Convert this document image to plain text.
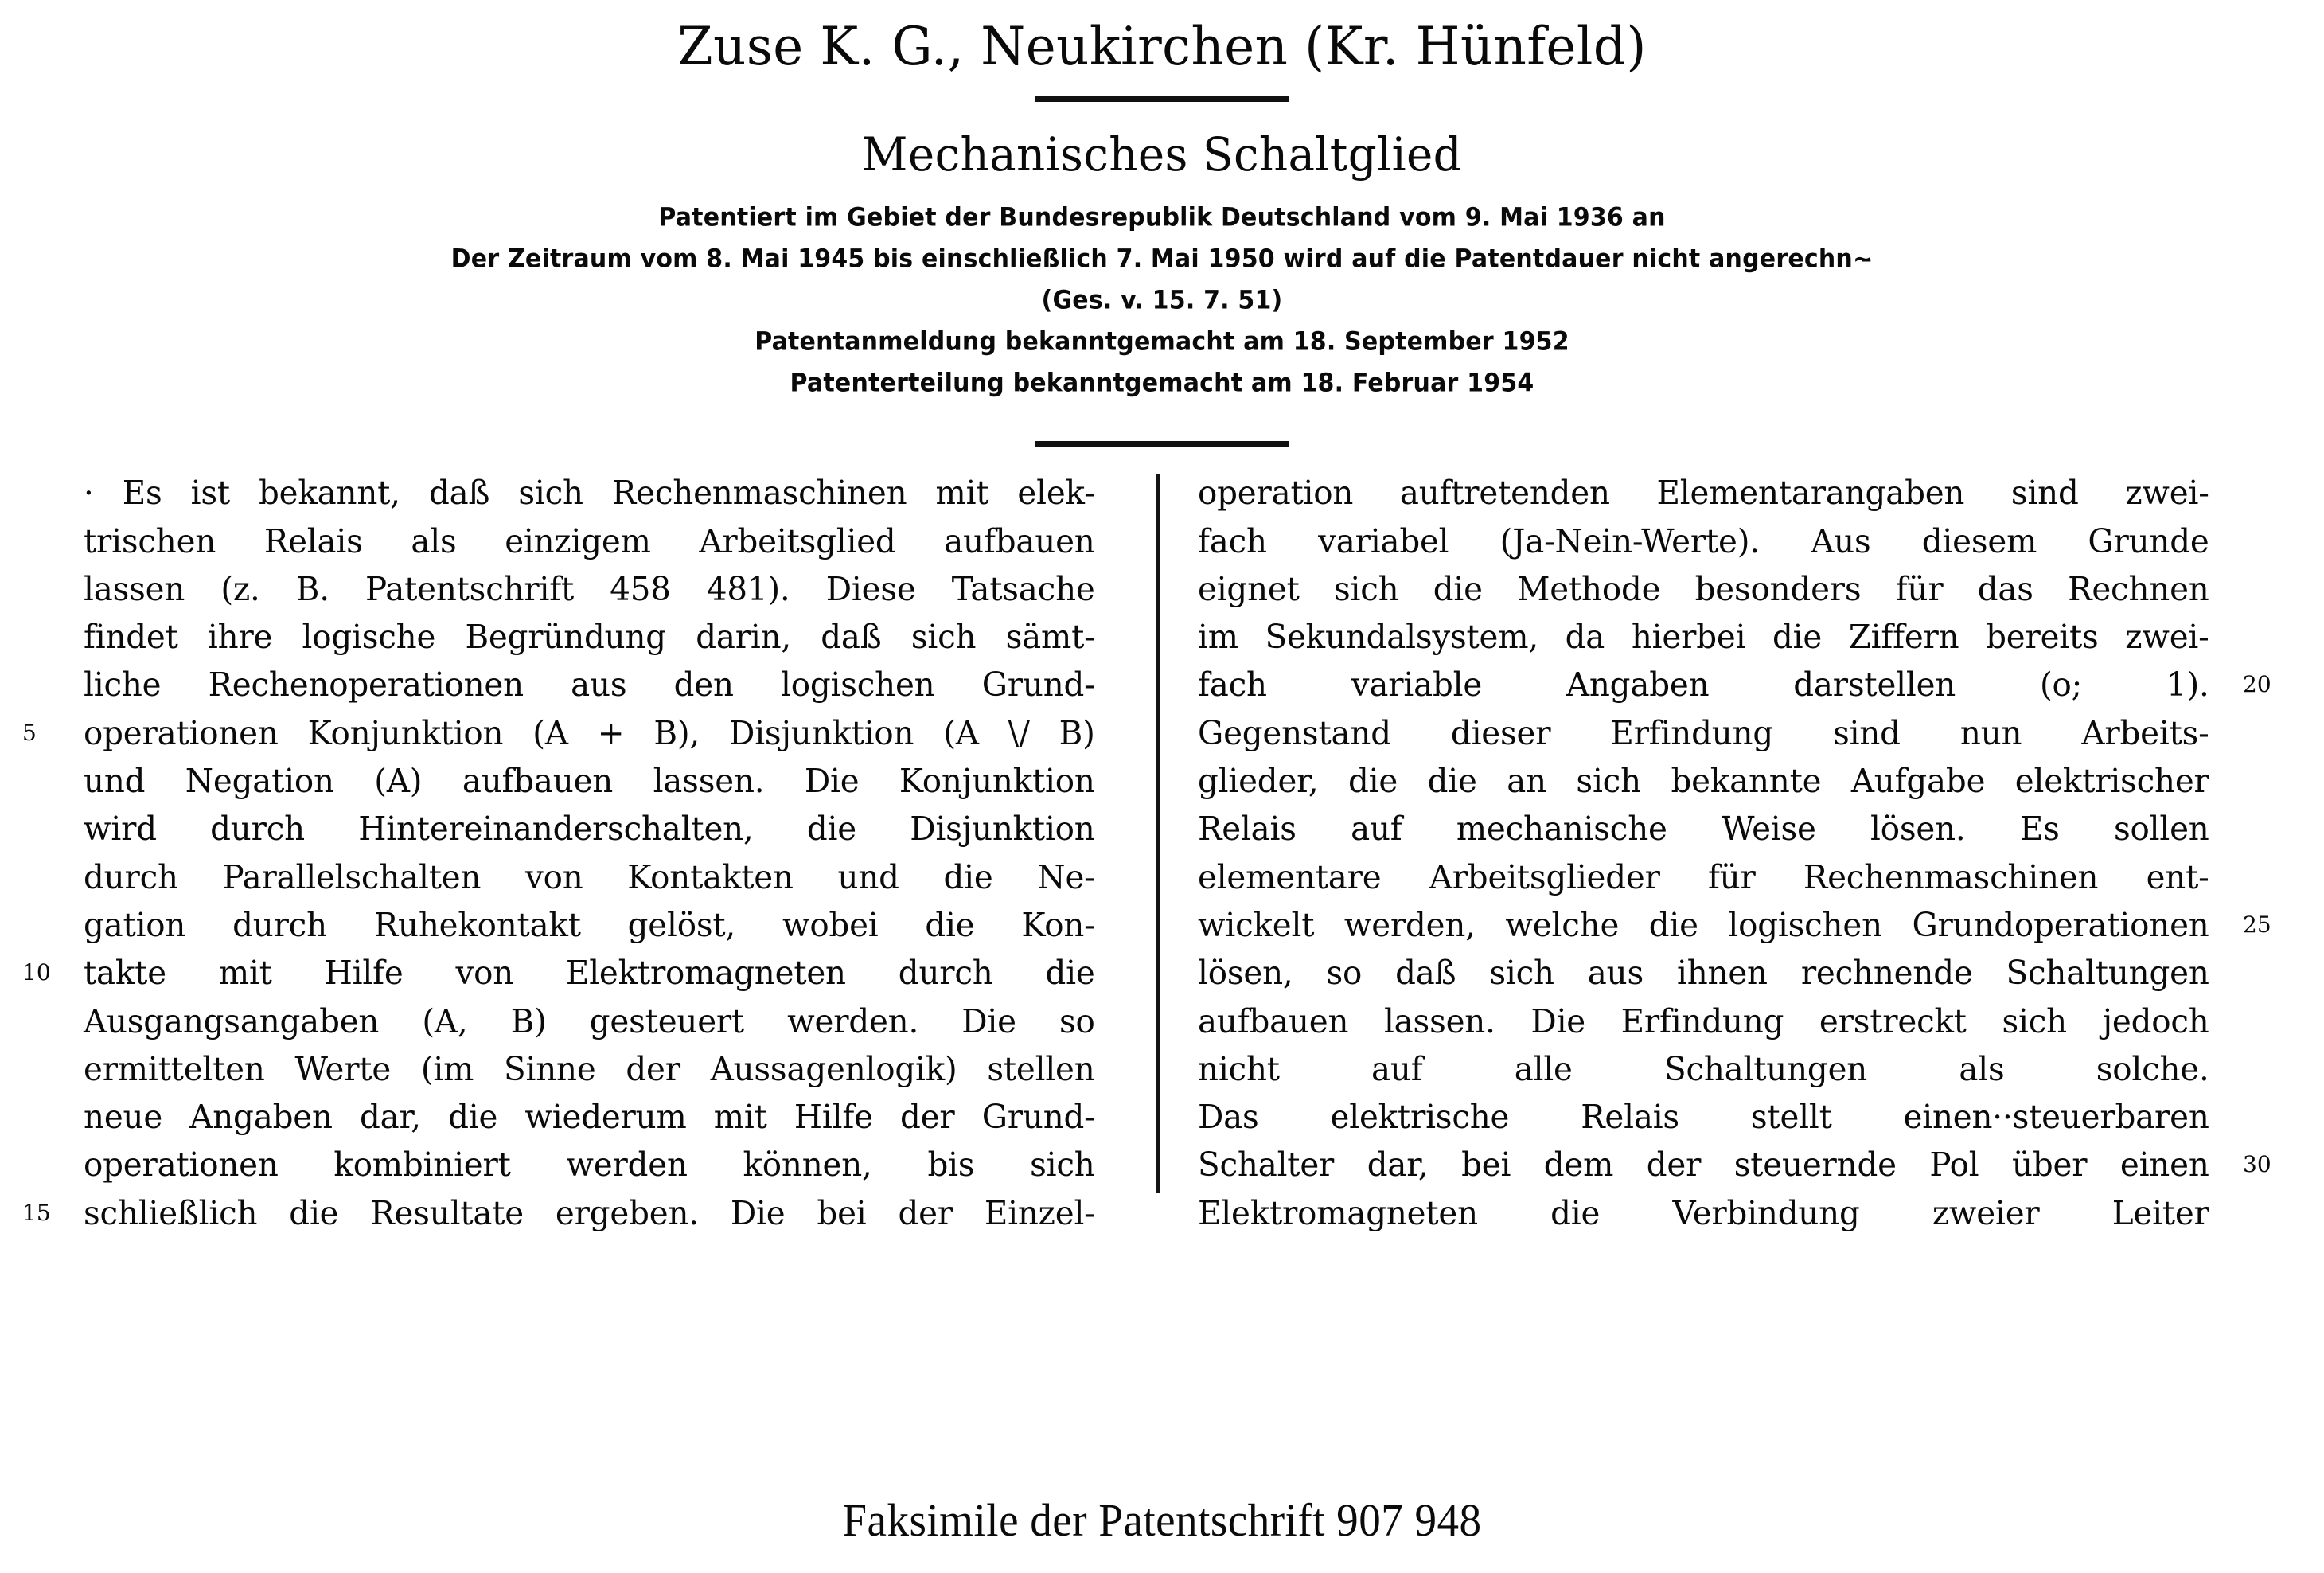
Zuse K. G., Neukirchen (Kr. Hünfeld)
Mechanisches Schaltglied

Patentiert im Gebiet der Bundesrepublik Deutschland vom 9. Mai 1936 an

Der Zeitraum vom 8. Mai 1945 bis einschließlich 7. Mai 1950 wird auf die Patentdauer nicht angerechn~̵

(Ges. v. 15. 7. 51)

Patentanmeldung bekanntgemacht am 18. September 1952

Patenterteilung bekanntgemacht am 18. Februar 1954

5
10
15

· Es ist bekannt, daß sich Rechenmaschinen mit elek-
trischen Relais als einzigem Arbeitsglied aufbauen
lassen (z. B. Patentschrift 458 481). Diese Tatsache
findet ihre logische Begründung darin, daß sich sämt-
liche Rechenoperationen aus den logischen Grund-
operationen Konjunktion (A + B), Disjunktion (A \/ B)
und Negation (A) aufbauen lassen. Die Konjunktion
wird durch Hintereinanderschalten, die Disjunktion
durch Parallelschalten von Kontakten und die Ne-
gation durch Ruhekontakt gelöst, wobei die Kon-
takte mit Hilfe von Elektromagneten durch die
Ausgangsangaben (A, B) gesteuert werden. Die so
ermittelten Werte (im Sinne der Aussagenlogik) stellen
neue Angaben dar, die wiederum mit Hilfe der Grund-
operationen kombiniert werden können, bis sich
schließlich die Resultate ergeben. Die bei der Einzel-

operation auftretenden Elementarangaben sind zwei-
fach variabel (Ja-Nein-Werte). Aus diesem Grunde
eignet sich die Methode besonders für das Rechnen
im Sekundalsystem, da hierbei die Ziffern bereits zwei-
fach variable Angaben darstellen (o; 1).
Gegenstand dieser Erfindung sind nun Arbeits-
glieder, die die an sich bekannte Aufgabe elektrischer
Relais auf mechanische Weise lösen. Es sollen
elementare Arbeitsglieder für Rechenmaschinen ent-
wickelt werden, welche die logischen Grundoperationen
lösen, so daß sich aus ihnen rechnende Schaltungen
aufbauen lassen. Die Erfindung erstreckt sich jedoch
nicht auf alle Schaltungen als solche.
Das elektrische Relais stellt einen··steuerbaren
Schalter dar, bei dem der steuernde Pol über einen
Elektromagneten die Verbindung zweier Leiter

20
25
30
Faksimile der Patentschrift 907 948
